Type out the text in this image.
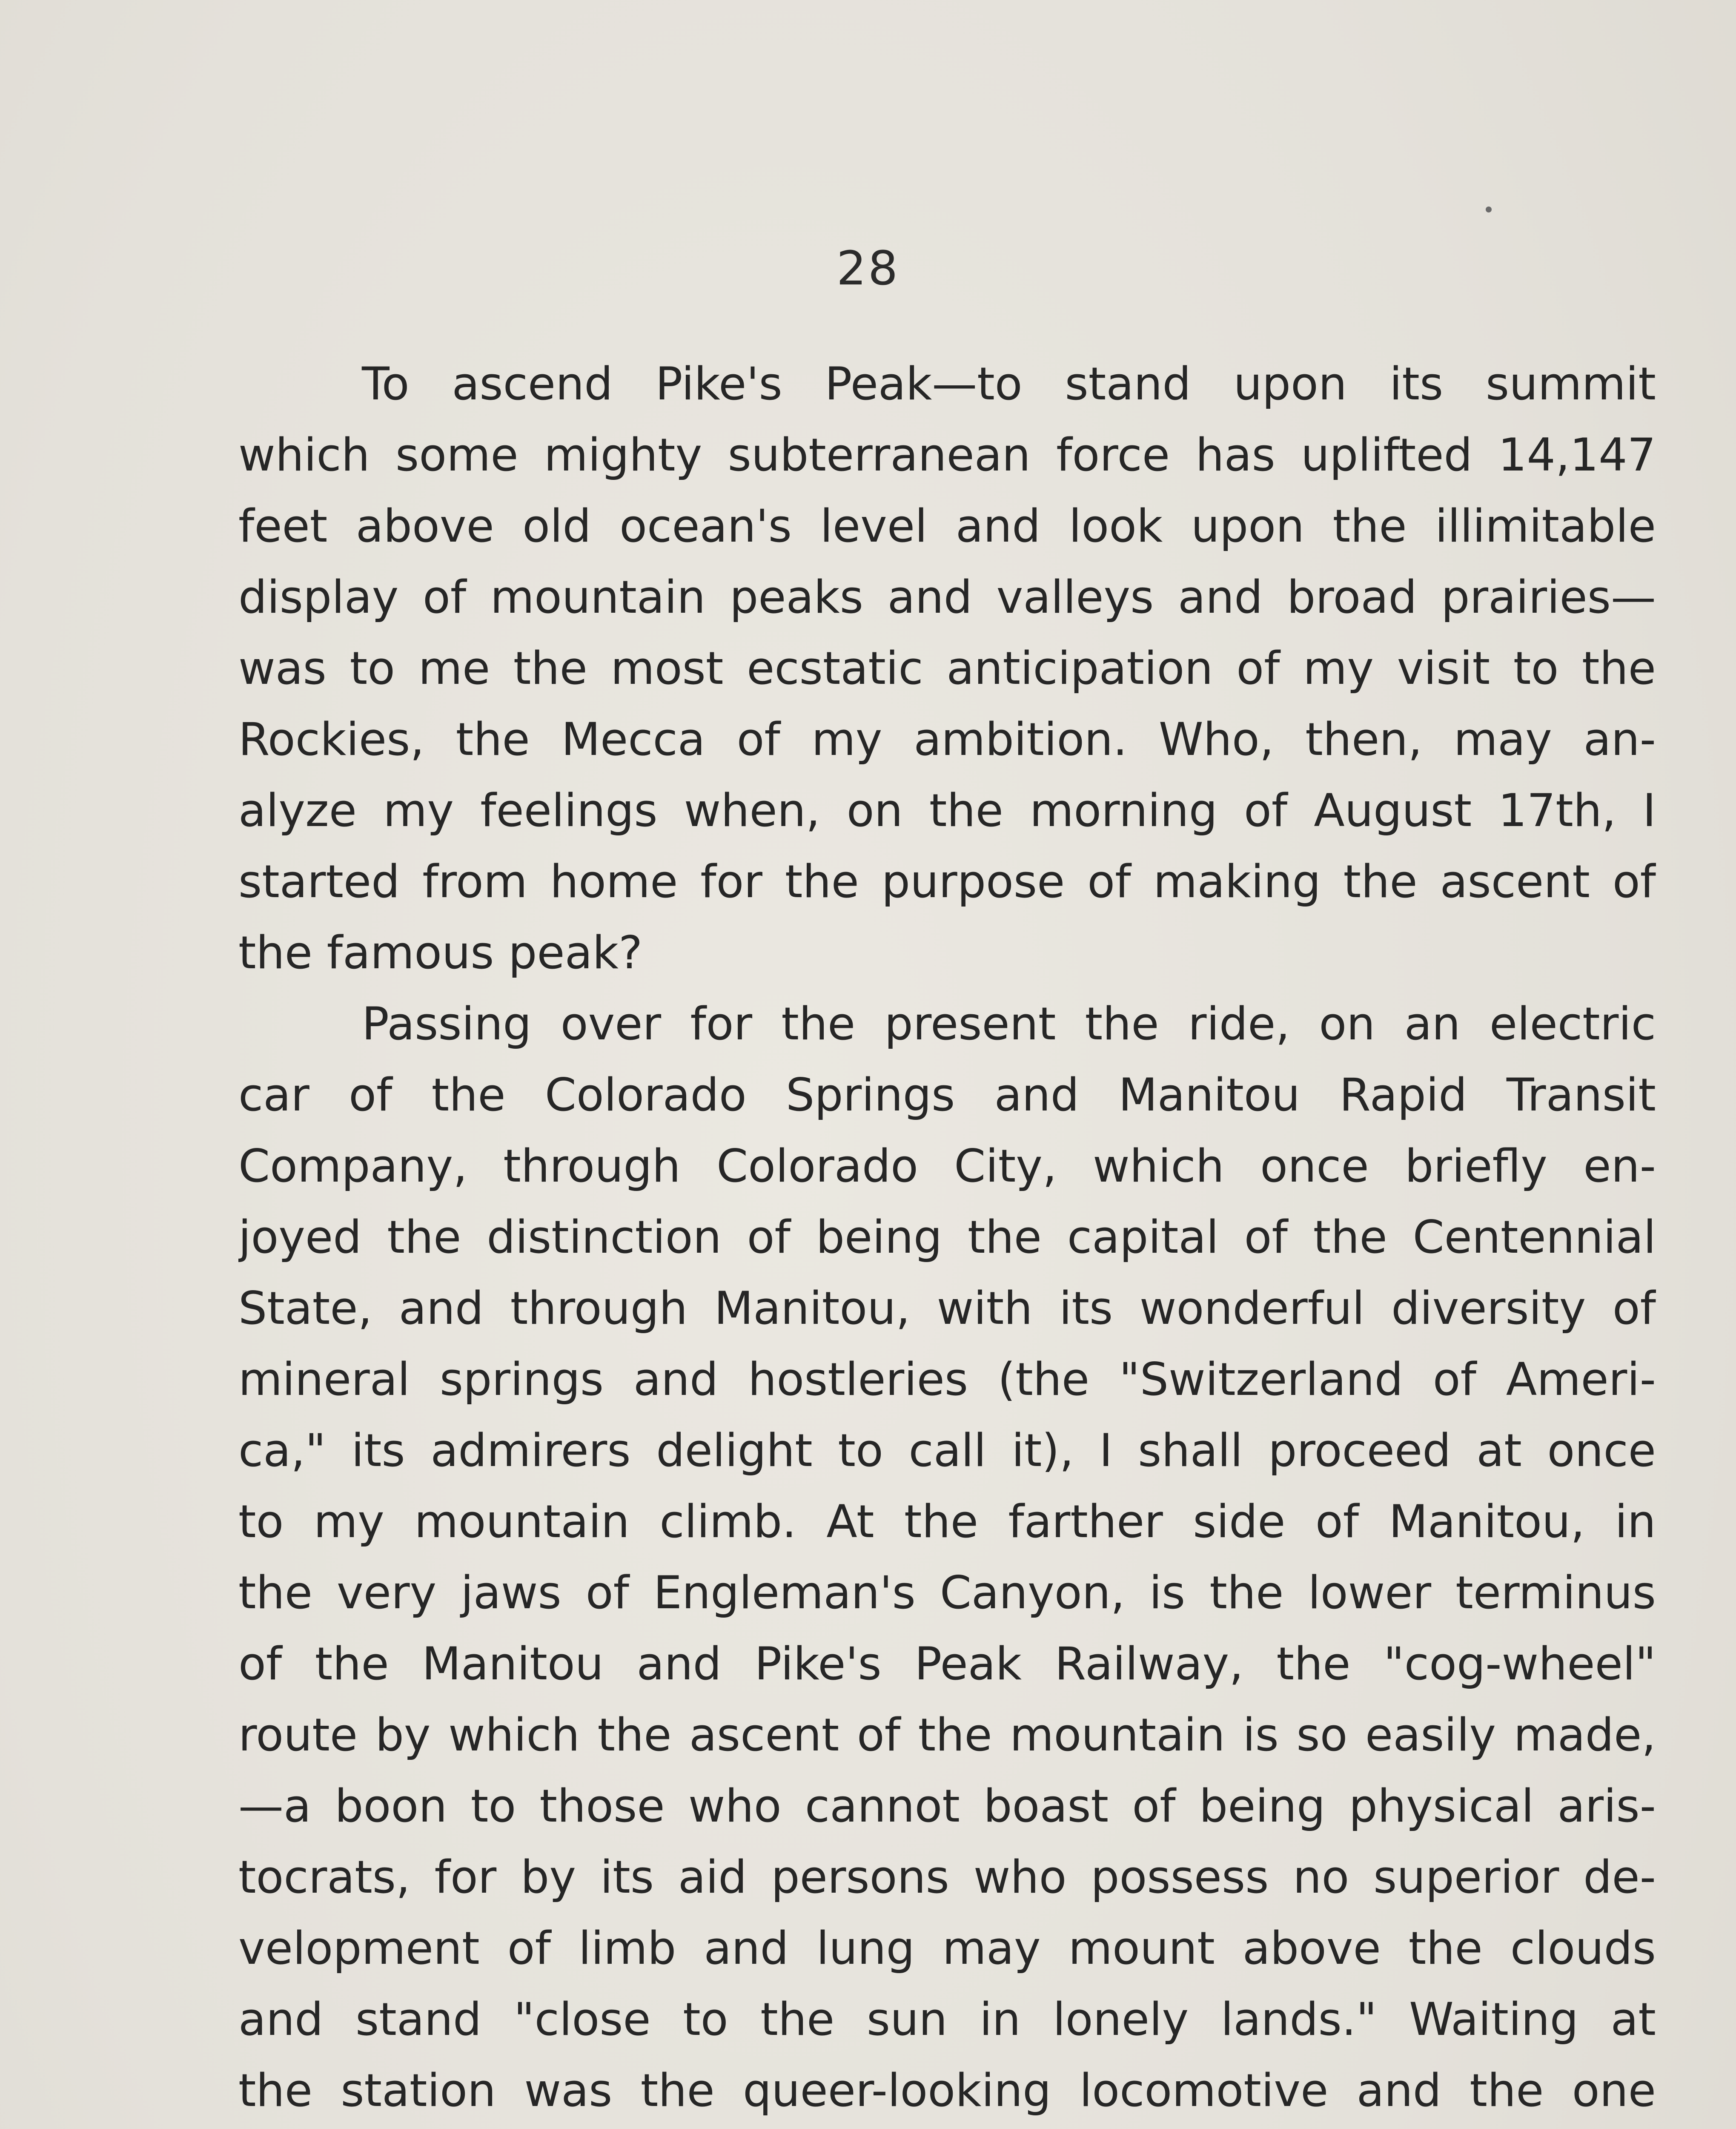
28
To ascend Pike's Peak—to stand upon its summit
which some mighty subterranean force has uplifted 14,147
feet above old ocean's level and look upon the illimitable
display of mountain peaks and valleys and broad prairies—
was to me the most ecstatic anticipation of my visit to the
Rockies, the Mecca of my ambition. Who, then, may an-
alyze my feelings when, on the morning of August 17th, I
started from home for the purpose of making the ascent of
the famous peak?
Passing over for the present the ride, on an electric
car of the Colorado Springs and Manitou Rapid Transit
Company, through Colorado City, which once briefly en-
joyed the distinction of being the capital of the Centennial
State, and through Manitou, with its wonderful diversity of
mineral springs and hostleries (the "Switzerland of Ameri-
ca," its admirers delight to call it), I shall proceed at once
to my mountain climb. At the farther side of Manitou, in
the very jaws of Engleman's Canyon, is the lower terminus
of the Manitou and Pike's Peak Railway, the "cog-wheel"
route by which the ascent of the mountain is so easily made,
—a boon to those who cannot boast of being physical aris-
tocrats, for by its aid persons who possess no superior de-
velopment of limb and lung may mount above the clouds
and stand "close to the sun in lonely lands." Waiting at
the station was the queer-looking locomotive and the one
